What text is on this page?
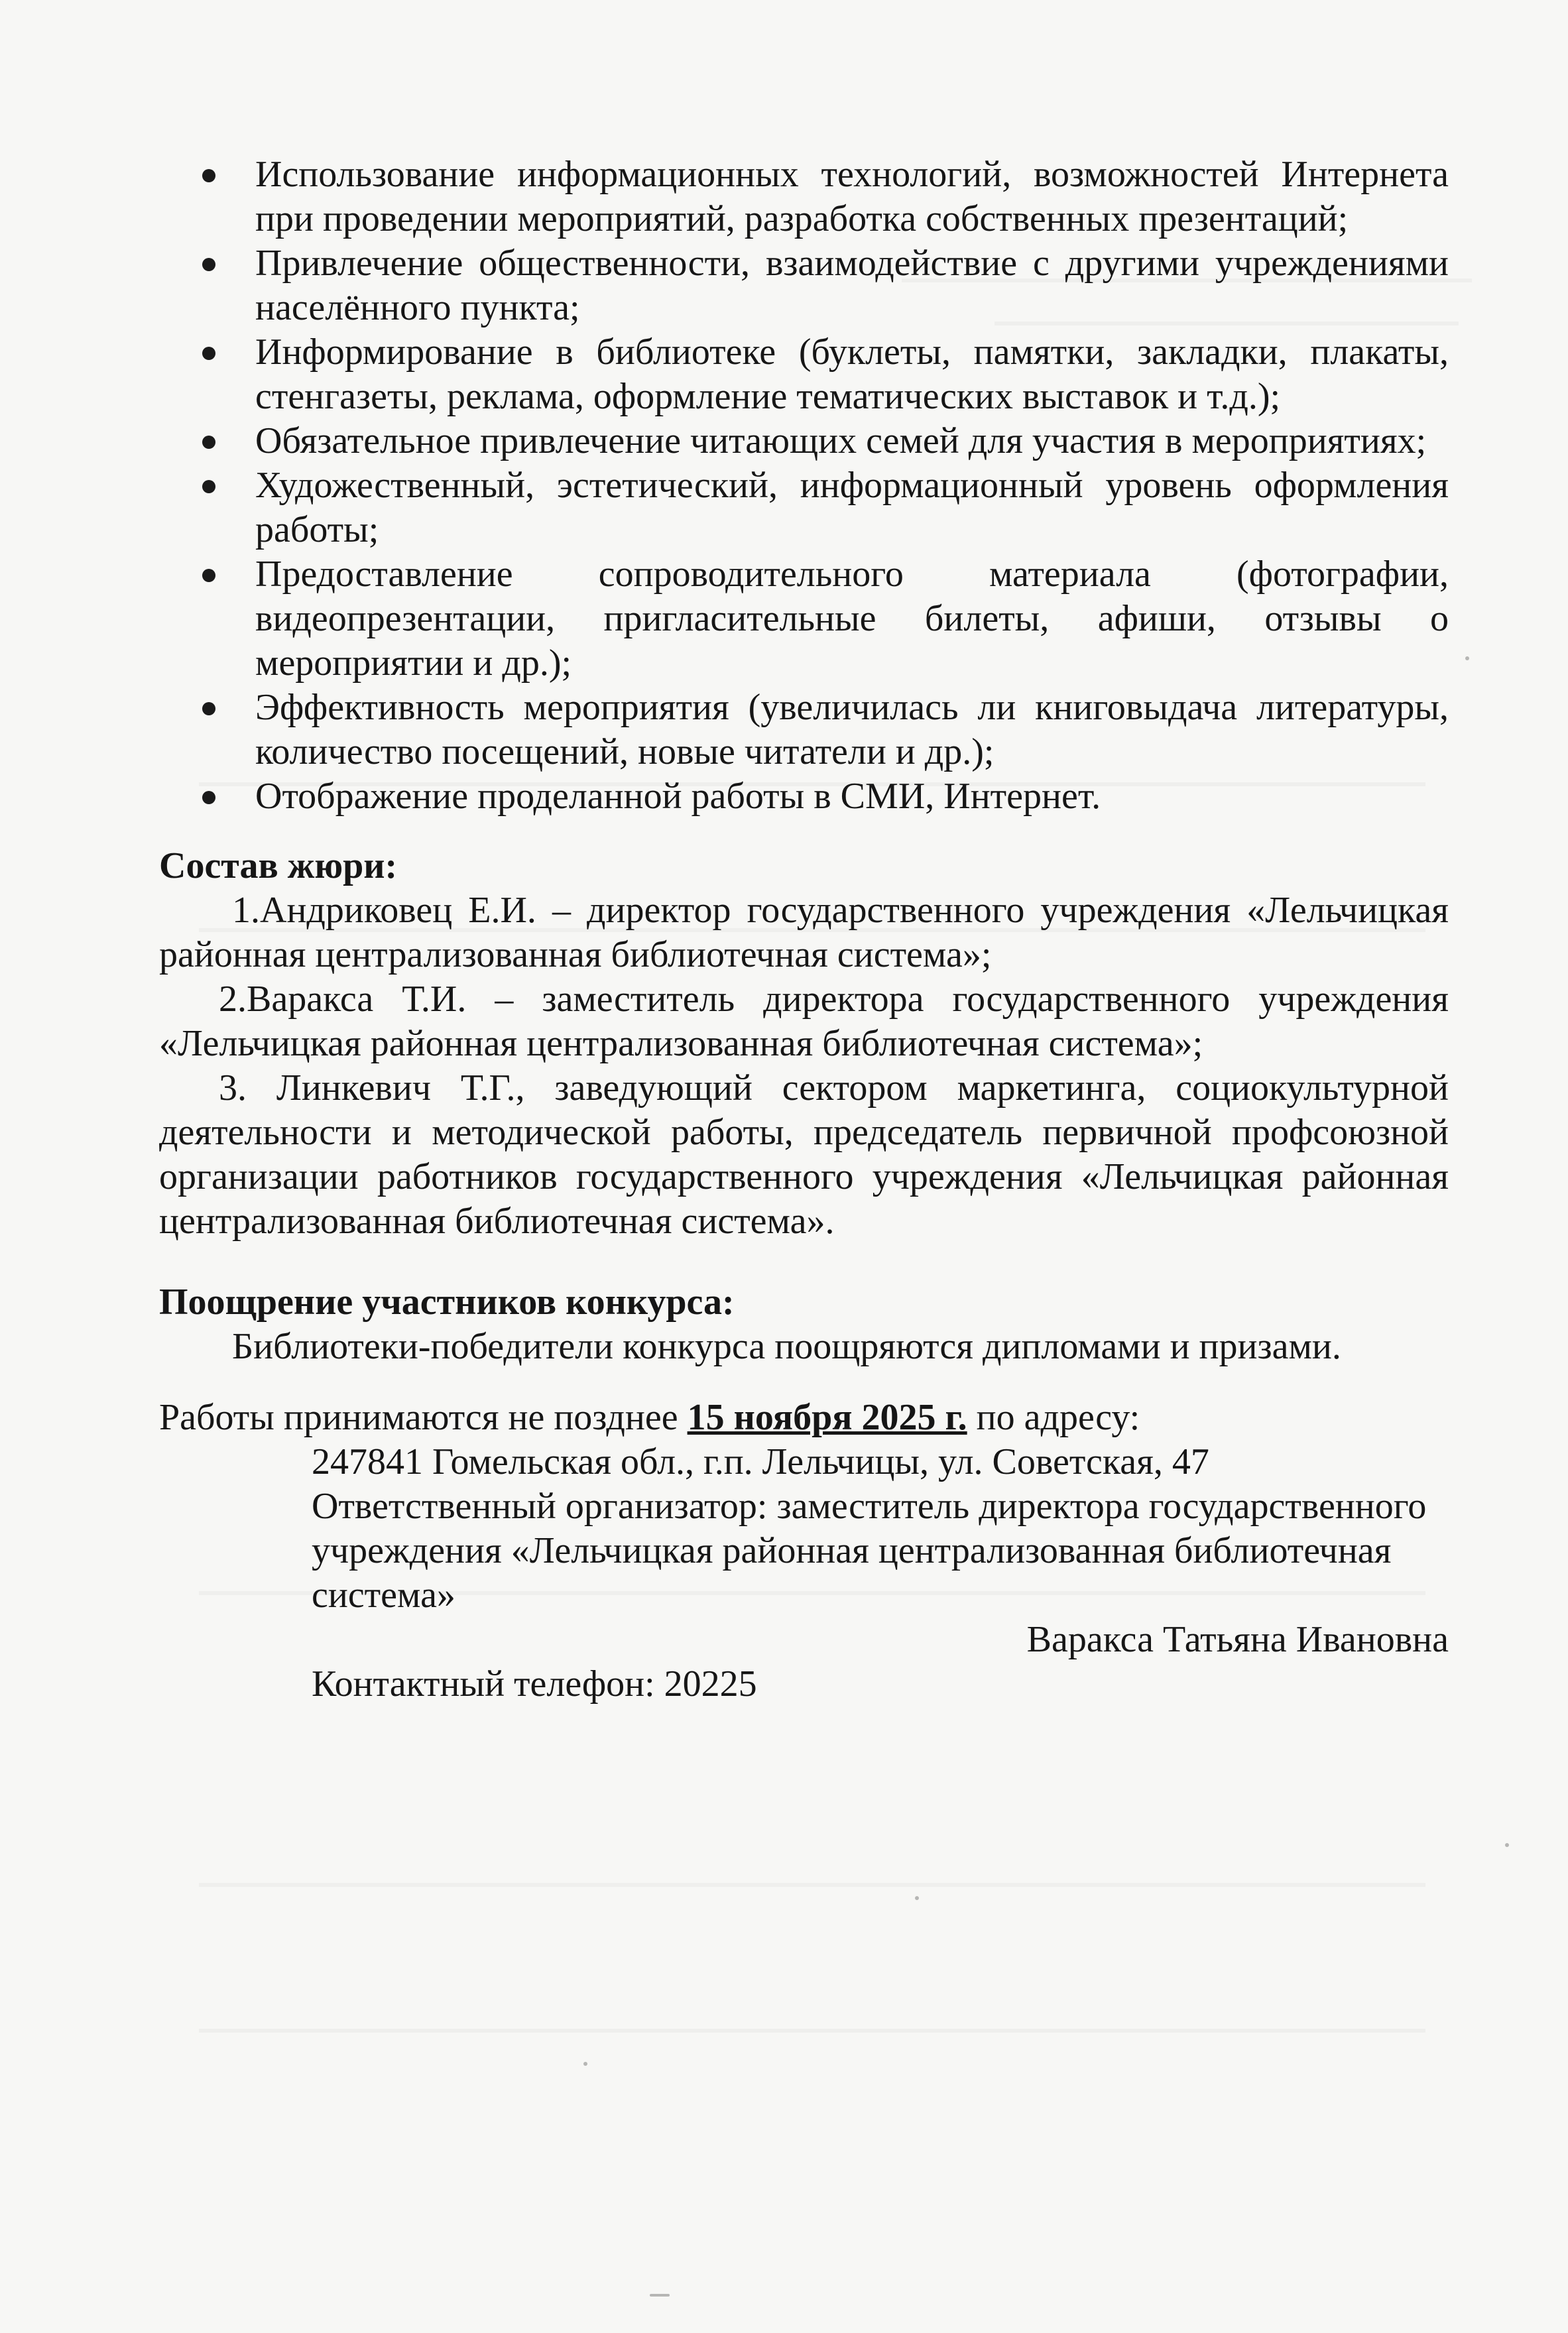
Использование информационных технологий, возможностей Интернета при проведении мероприятий, разработка собственных презентаций;
Привлечение общественности, взаимодействие с другими учреждениями населённого пункта;
Информирование в библиотеке (буклеты, памятки, закладки, плакаты, стенгазеты, реклама, оформление тематических выставок и т.д.);
Обязательное привлечение читающих семей для участия в мероприятиях;
Художественный, эстетический, информационный уровень оформления работы;
Предоставление сопроводительного материала (фотографии, видеопрезентации, пригласительные билеты, афиши, отзывы о мероприятии и др.);
Эффективность мероприятия (увеличилась ли книговыдача литературы, количество посещений, новые читатели и др.);
Отображение проделанной работы в СМИ, Интернет.
Состав жюри:

1.Андриковец Е.И. – директор государственного учреждения «Лельчицкая районная централизованная библиотечная система»;

2.Варакса Т.И. – заместитель директора государственного учреждения «Лельчицкая районная централизованная библиотечная система»;

3. Линкевич Т.Г., заведующий сектором маркетинга, социокультурной деятельности и методической работы, председатель первичной профсоюзной организации работников государственного учреждения «Лельчицкая районная централизованная библиотечная система».

Поощрение участников конкурса:
Библиотеки-победители конкурса поощряются дипломами и призами.
Работы принимаются не позднее 15 ноября 2025 г. по адресу:
247841 Гомельская обл., г.п. Лельчицы, ул. Советская, 47
Ответственный организатор: заместитель директора государственного учреждения «Лельчицкая районная централизованная библиотечная система»
Варакса Татьяна Ивановна
Контактный телефон: 20225
